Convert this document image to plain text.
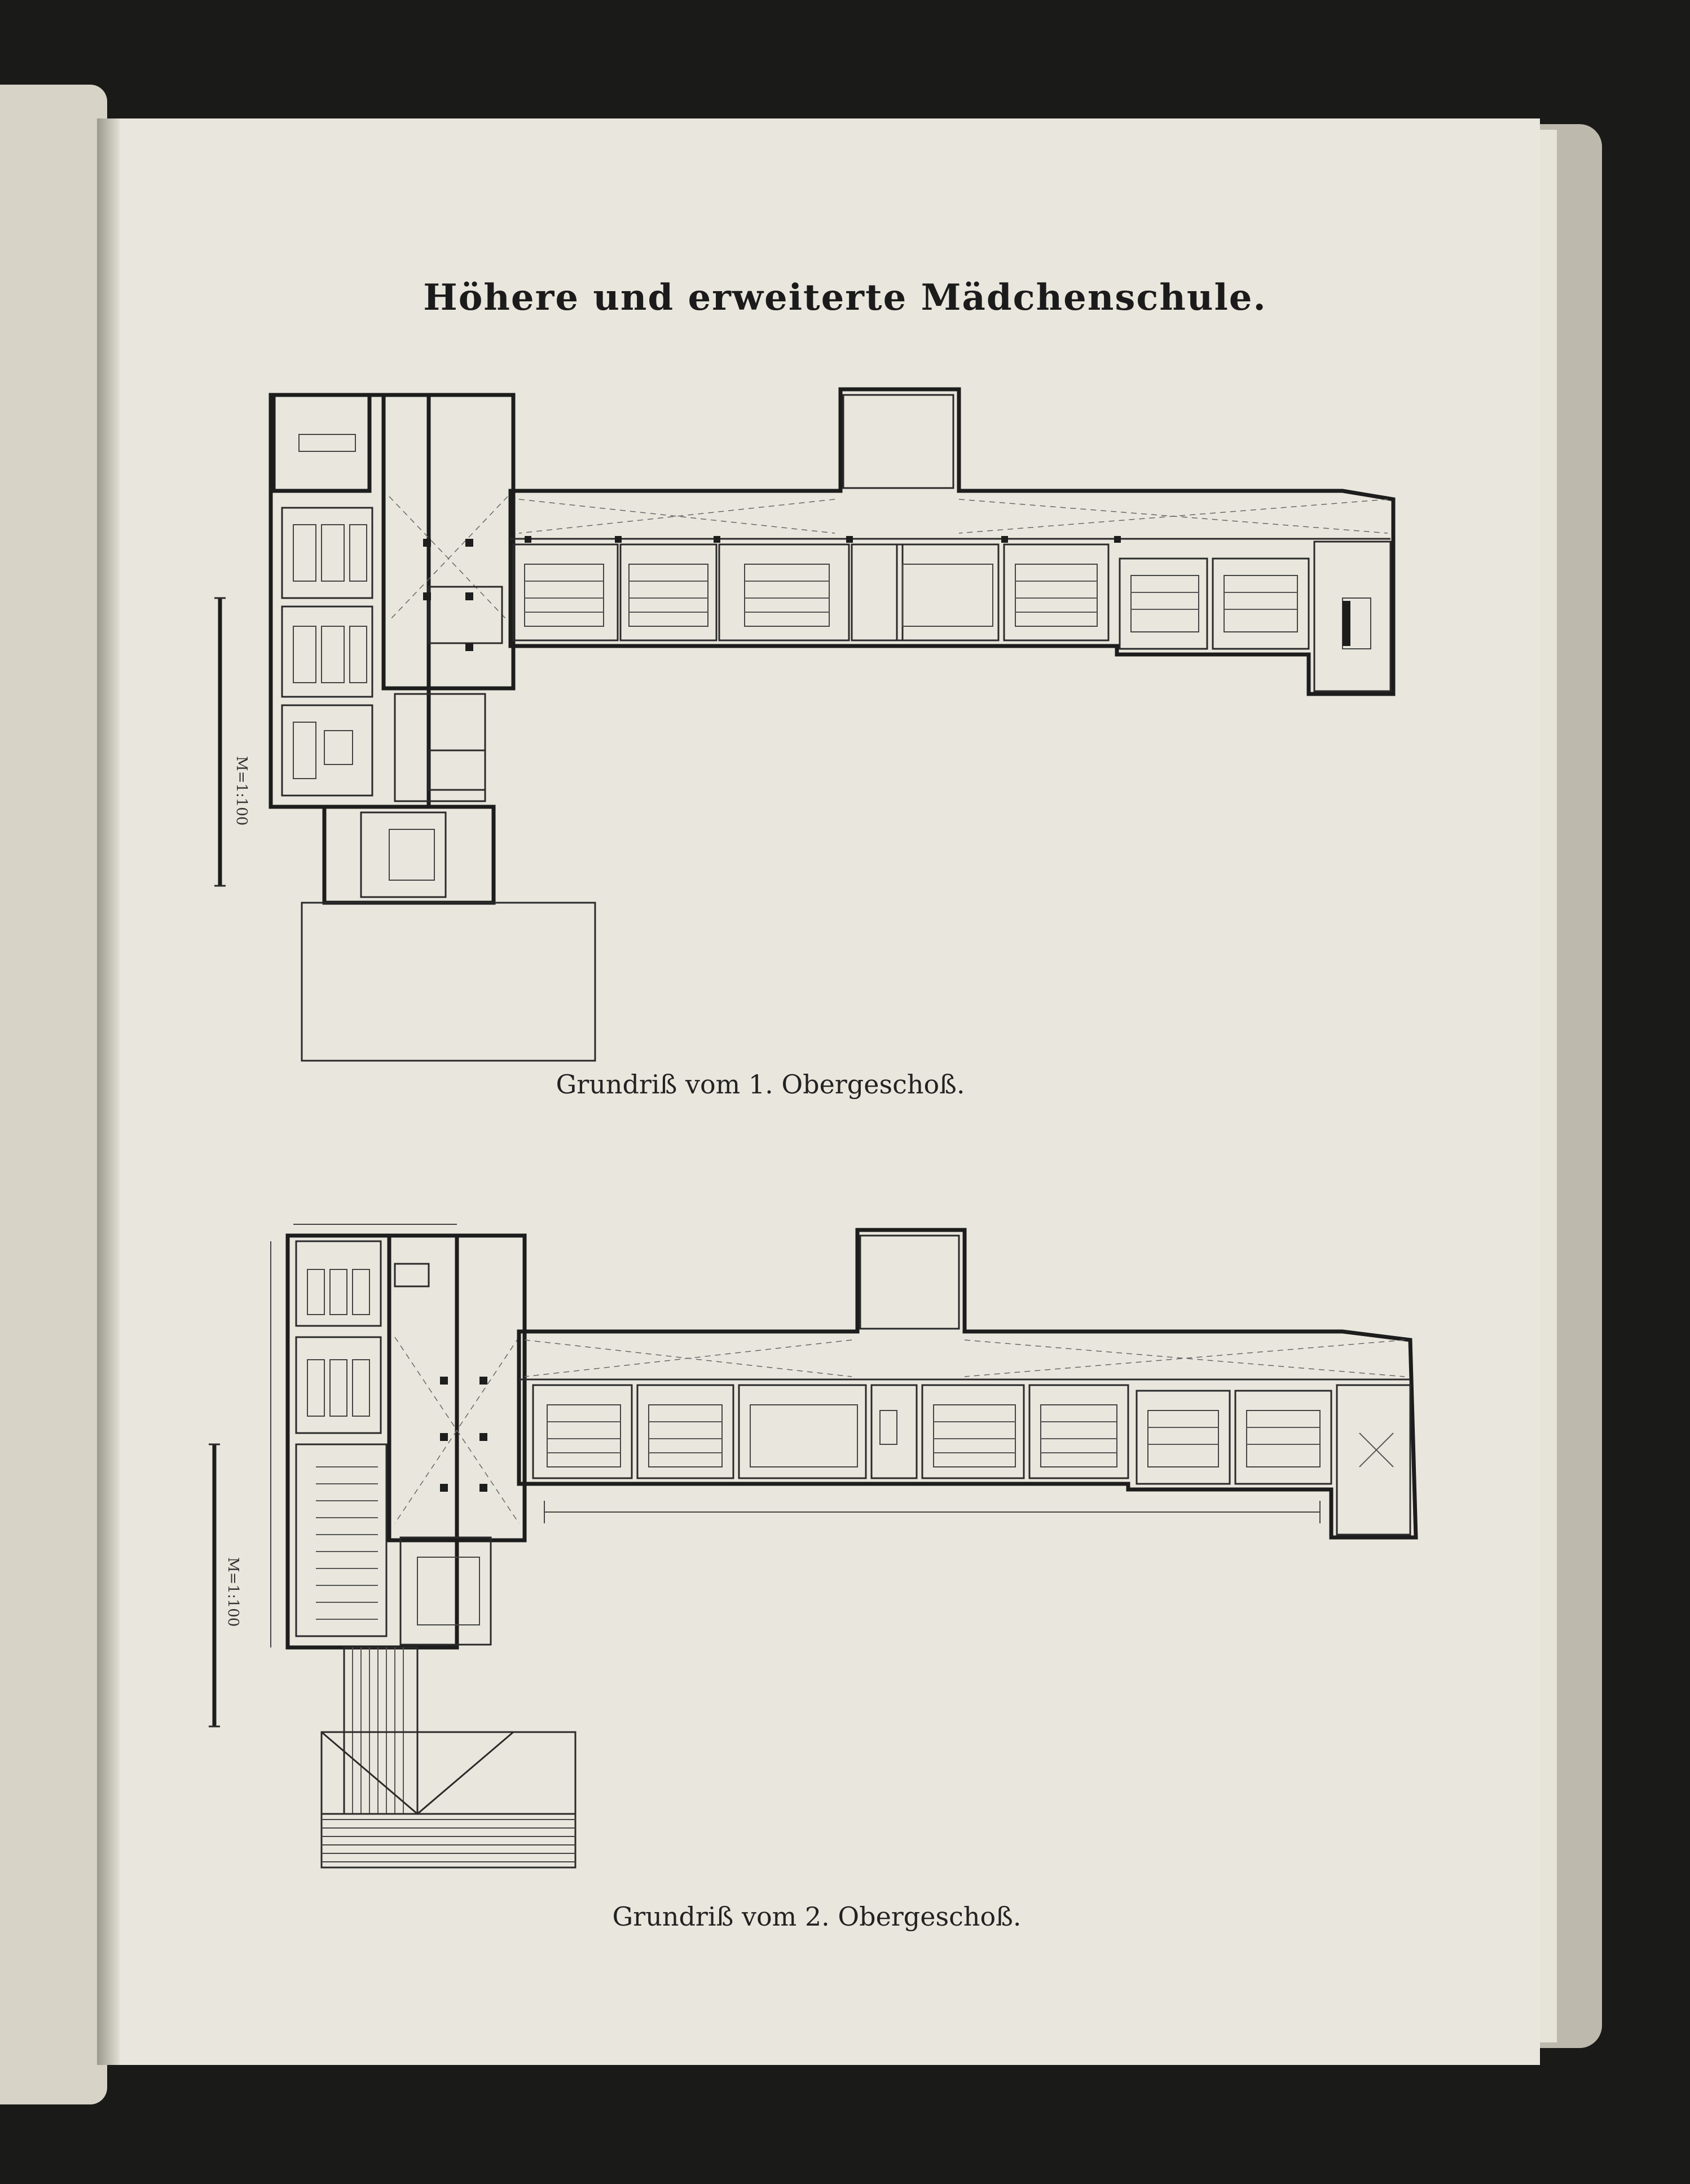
Höhere und erweiterte Mädchenschule.
M=1:100
Grundriß vom 1. Obergeschoß.
M=1:100
Grundriß vom 2. Obergeschoß.
